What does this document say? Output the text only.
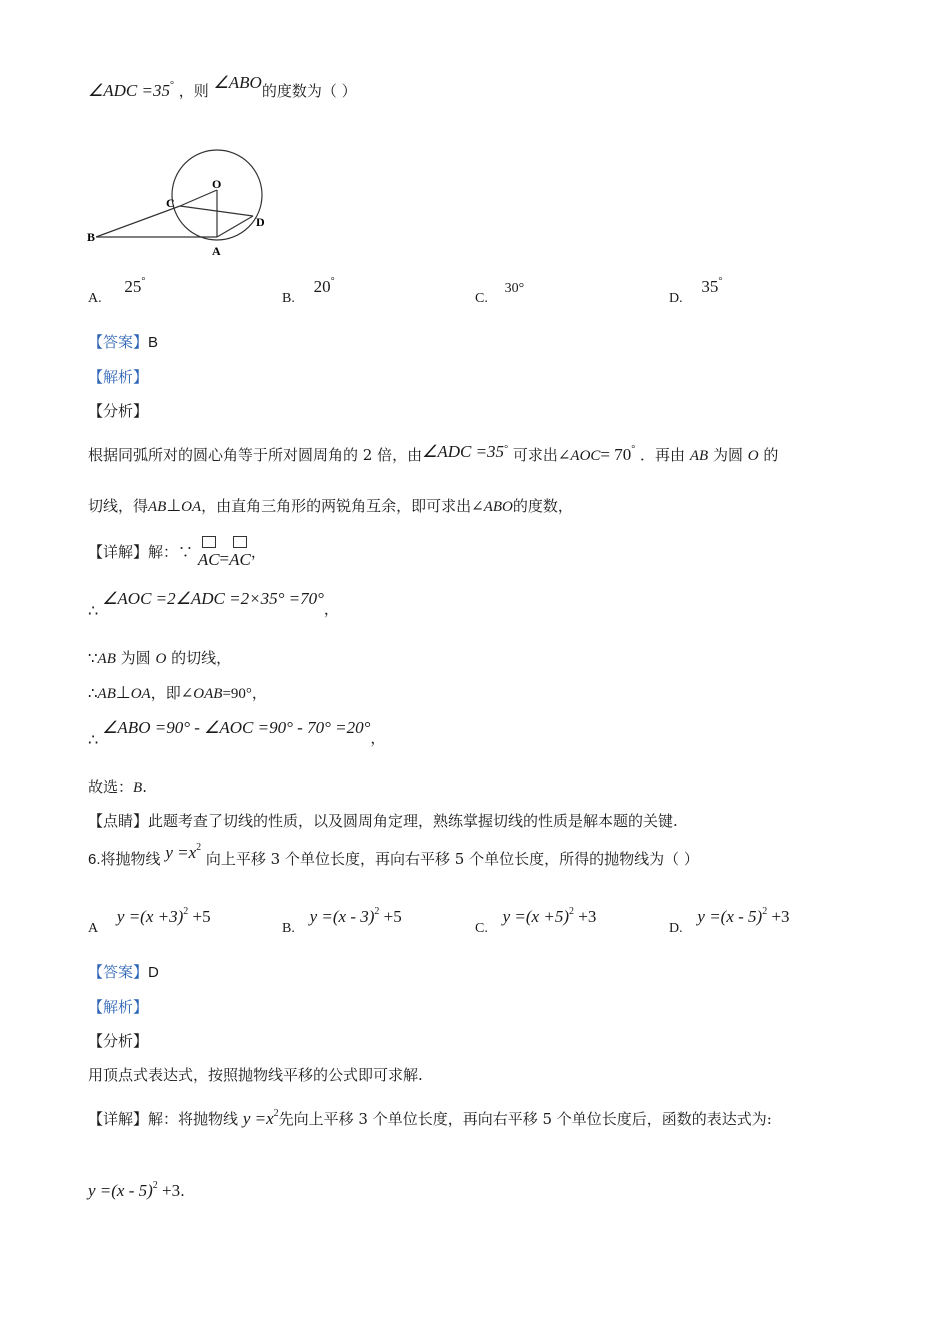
∠ADC =35° ，则 ∠ABO的度数为（ ）
O
C
D
B
A
A. 25°
B. 20°
C. 30°
D. 35°
【答案】B
【解析】
【分析】
根据同弧所对的圆心角等于所对圆周角的 2 倍，由∠ADC =35° 可求出∠AOC= 70° ．再由 AB 为圆 O 的
切线，得AB⊥OA，由直角三角形的两锐角互余，即可求出∠ABO的度数，
【详解】解：∵ AC=
AC，
∴∠AOC =2∠ADC =2×35° =70°，
∵AB 为圆 O 的切线，
∴AB⊥OA，即∠OAB=90°，
∴∠ABO =90° - ∠AOC =90° - 70° =20°，
故选：B.
【点睛】此题考查了切线的性质，以及圆周角定理，熟练掌握切线的性质是解本题的关键.
6.将抛物线 $y =x^2$ 向上平移 3 个单位长度，再向右平移 5 个单位长度，所得的抛物线为（ ）
A $y =(x +3)^2 +5$
B. y =(x - 3)$^2$ +5
C. $y =(x +5)^2 +3$
D. y =(x - 5)$^2$ +3
【答案】D
【解析】
【分析】
用顶点式表达式，按照抛物线平移的公式即可求解.
【详解】解：将抛物线 $y =x^2$先向上平移 3 个单位长度，再向右平移 5 个单位长度后，函数的表达式为:
y =(x - 5)$^2$ +3.
